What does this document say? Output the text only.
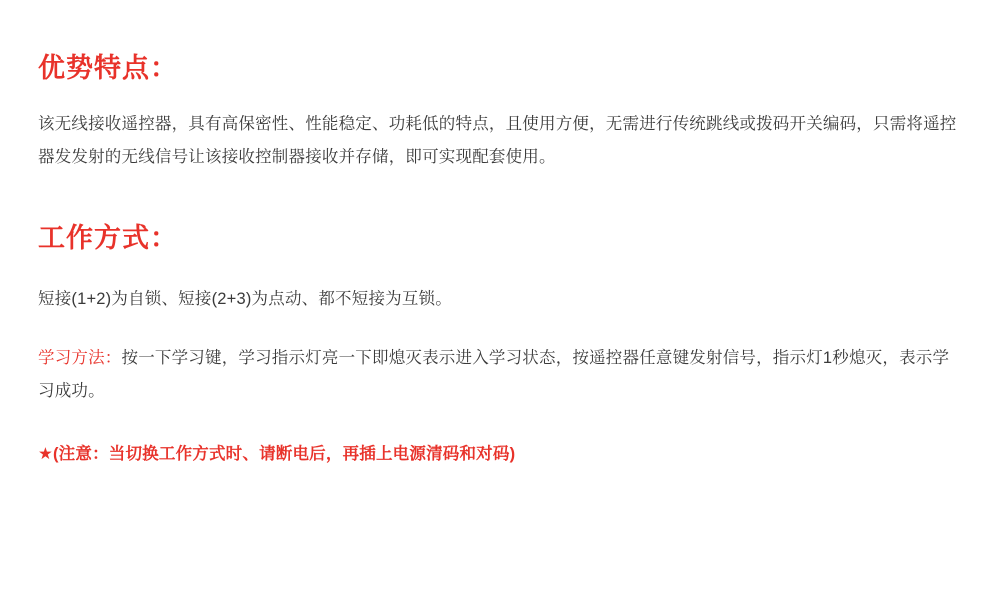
优势特点：

该无线接收遥控器，具有高保密性、性能稳定、功耗低的特点，且使用方便，无需进行传统跳线或拨码开关编码，只需将遥控器发发射的无线信号让该接收控制器接收并存储，即可实现配套使用。

工作方式：

短接(1+2)为自锁、短接(2+3)为点动、都不短接为互锁。

学习方法：按一下学习键，学习指示灯亮一下即熄灭表示进入学习状态，按遥控器任意键发射信号，指示灯1秒熄灭，表示学习成功。

★(注意：当切换工作方式时、请断电后，再插上电源清码和对码)
